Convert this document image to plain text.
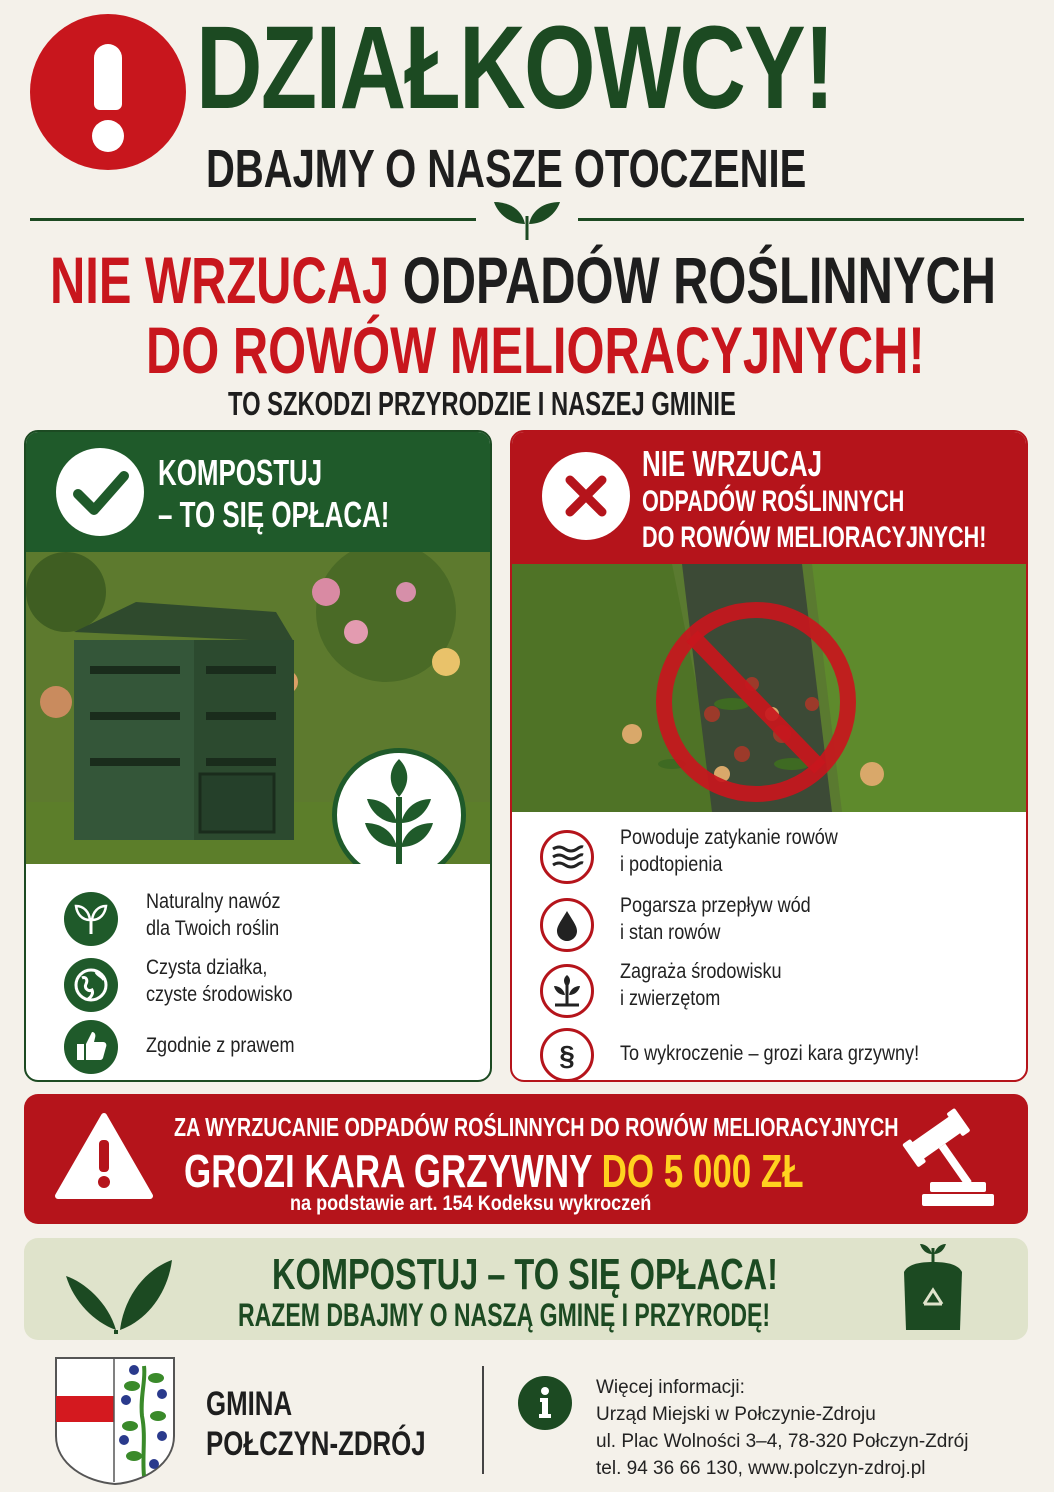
DZIAŁKOWCY!
DBAJMY O NASZE OTOCZENIE
NIE WRZUCAJ ODPADÓW ROŚLINNYCH
DO ROWÓW MELIORACYJNYCH!
TO SZKODZI PRZYRODZIE I NASZEJ GMINIE
KOMPOSTUJ
– TO SIĘ OPŁACA!
Naturalny nawóz
dla Twoich roślin
Czysta działka,
czyste środowisko
Zgodnie z prawem
NIE WRZUCAJ
ODPADÓW ROŚLINNYCH
DO ROWÓW MELIORACYJNYCH!
Powoduje zatykanie rowów
i podtopienia
Pogarsza przepływ wód
i stan rowów
Zagraża środowisku
i zwierzętom
§ To wykroczenie – grozi kara grzywny!
ZA WYRZUCANIE ODPADÓW ROŚLINNYCH DO ROWÓW MELIORACYJNYCH
GROZI KARA GRZYWNY DO 5 000 ZŁ
na podstawie art. 154 Kodeksu wykroczeń
KOMPOSTUJ – TO SIĘ OPŁACA!
RAZEM DBAJMY O NASZĄ GMINĘ I PRZYRODĘ!
GMINA
POŁCZYN-ZDRÓJ
Więcej informacji:
Urząd Miejski w Połczynie-Zdroju
ul. Plac Wolności 3–4, 78-320 Połczyn-Zdrój
tel. 94 36 66 130, www.polczyn-zdroj.pl
